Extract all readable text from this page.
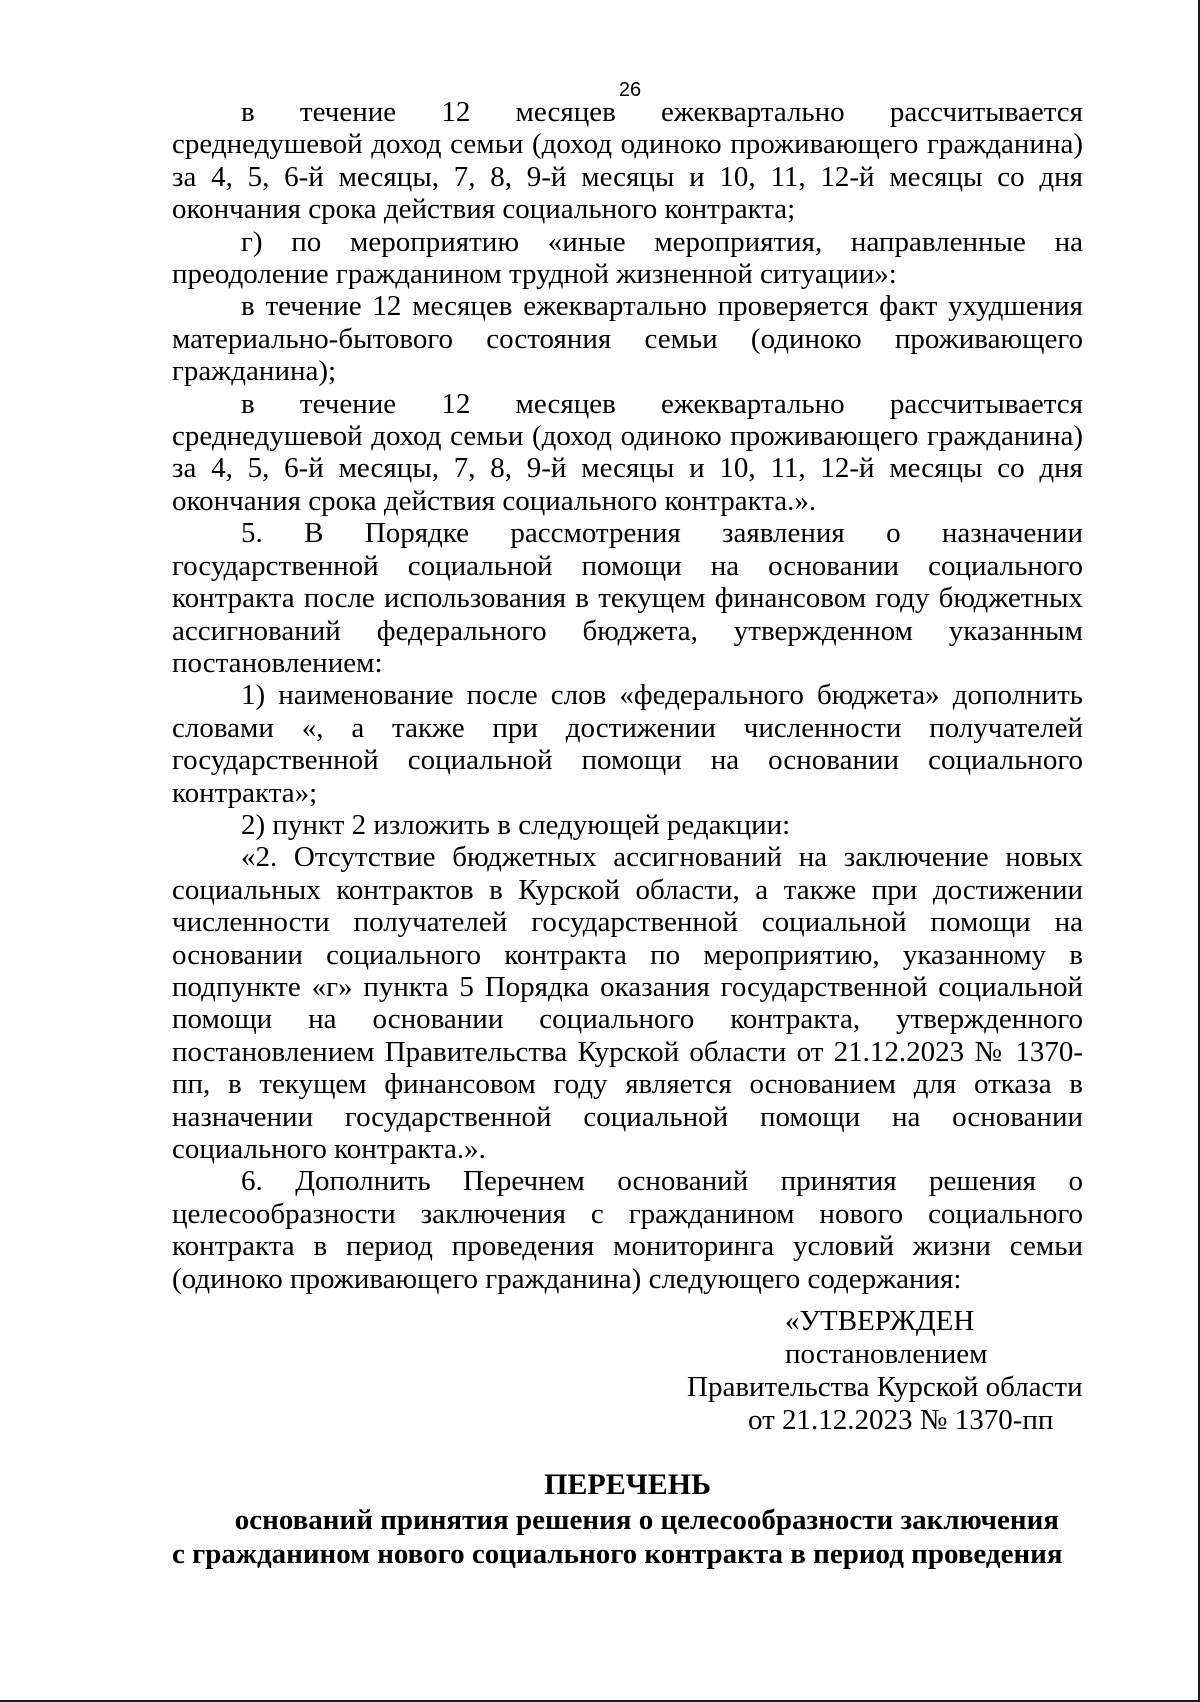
26

в течение 12 месяцев ежеквартально рассчитывается среднедушевой доход семьи (доход одиноко проживающего гражданина) за 4, 5, 6-й месяцы, 7, 8, 9-й месяцы и 10, 11, 12-й месяцы со дня окончания срока действия социального контракта;

г) по мероприятию «иные мероприятия, направленные на преодоление гражданином трудной жизненной ситуации»:

в течение 12 месяцев ежеквартально проверяется факт ухудшения материально-бытового состояния семьи (одиноко проживающего гражданина);

в течение 12 месяцев ежеквартально рассчитывается среднедушевой доход семьи (доход одиноко проживающего гражданина) за 4, 5, 6-й месяцы, 7, 8, 9-й месяцы и 10, 11, 12-й месяцы со дня окончания срока действия социального контракта.».

5. В Порядке рассмотрения заявления о назначении государственной социальной помощи на основании социального контракта после использования в текущем финансовом году бюджетных ассигнований федерального бюджета, утвержденном указанным постановлением:

1) наименование после слов «федерального бюджета» дополнить словами «, а также при достижении численности получателей государственной социальной помощи на основании социального контракта»;

2) пункт 2 изложить в следующей редакции:

«2. Отсутствие бюджетных ассигнований на заключение новых социальных контрактов в Курской области, а также при достижении численности получателей государственной социальной помощи на основании социального контракта по мероприятию, указанному в подпункте «г» пункта 5 Порядка оказания государственной социальной помощи на основании социального контракта, утвержденного постановлением Правительства Курской области от 21.12.2023 № 1370-пп, в текущем финансовом году является основанием для отказа в назначении государственной социальной помощи на основании социального контракта.».

6. Дополнить Перечнем оснований принятия решения о целесообразности заключения с гражданином нового социального контракта в период проведения мониторинга условий жизни семьи (одиноко проживающего гражданина) следующего содержания:

«УТВЕРЖДЕН
постановлением
Правительства Курской области
от 21.12.2023 № 1370-пп
ПЕРЕЧЕНЬ
оснований принятия решения о целесообразности заключения
с гражданином нового социального контракта в период проведения
